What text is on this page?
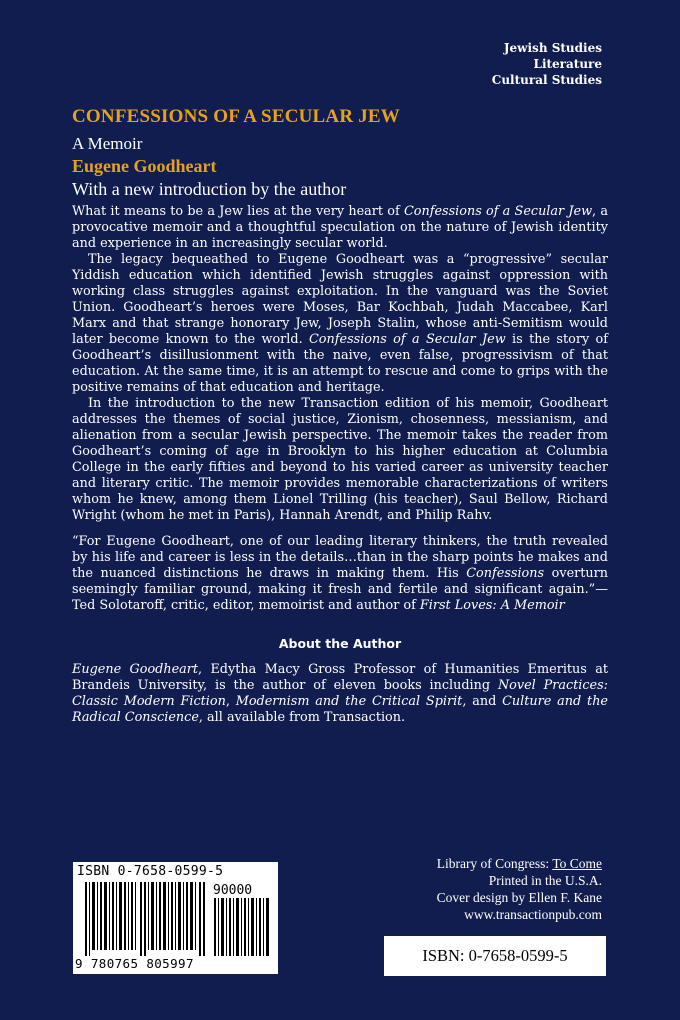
Jewish Studies
Literature
Cultural Studies
CONFESSIONS OF A SECULAR JEW
A Memoir
Eugene Goodheart
With a new introduction by the author

What it means to be a Jew lies at the very heart of Confessions of a Secular Jew, a provocative memoir and a thoughtful speculation on the nature of Jewish identity and experience in an increasingly secular world.

The legacy bequeathed to Eugene Goodheart was a “progressive” secular Yiddish education which identified Jewish struggles against oppression with working class struggles against exploitation. In the vanguard was the Soviet Union. Goodheart’s heroes were Moses, Bar Kochbah, Judah Maccabee, Karl Marx and that strange honorary Jew, Joseph Stalin, whose anti-Semitism would later become known to the world. Confessions of a Secular Jew is the story of Goodheart’s disillusionment with the naive, even false, progressivism of that education. At the same time, it is an attempt to rescue and come to grips with the positive remains of that education and heritage.

In the introduction to the new Transaction edition of his memoir, Goodheart addresses the themes of social justice, Zionism, chosenness, messianism, and alienation from a secular Jewish perspective. The memoir takes the reader from Goodheart’s coming of age in Brooklyn to his higher education at Columbia College in the early fifties and beyond to his varied career as university teacher and literary critic. The memoir provides memorable characterizations of writers whom he knew, among them Lionel Trilling (his teacher), Saul Bellow, Richard Wright (whom he met in Paris), Hannah Arendt, and Philip Rahv.

“For Eugene Goodheart, one of our leading literary thinkers, the truth revealed by his life and career is less in the details…than in the sharp points he makes and the nuanced distinctions he draws in making them. His Confessions overturn seemingly familiar ground, making it fresh and fertile and significant again.”—Ted Solotaroff, critic, editor, memoirist and author of First Loves: A Memoir

About the Author

Eugene Goodheart, Edytha Macy Gross Professor of Humanities Emeritus at Brandeis University, is the author of eleven books including Novel Practices: Classic Modern Fiction, Modernism and the Critical Spirit, and Culture and the Radical Conscience, all available from Transaction.

ISBN 0-7658-0599-5
90000
9 780765 805997
Library of Congress: To Come
Printed in the U.S.A.
Cover design by Ellen F. Kane
www.transactionpub.com
ISBN: 0-7658-0599-5
